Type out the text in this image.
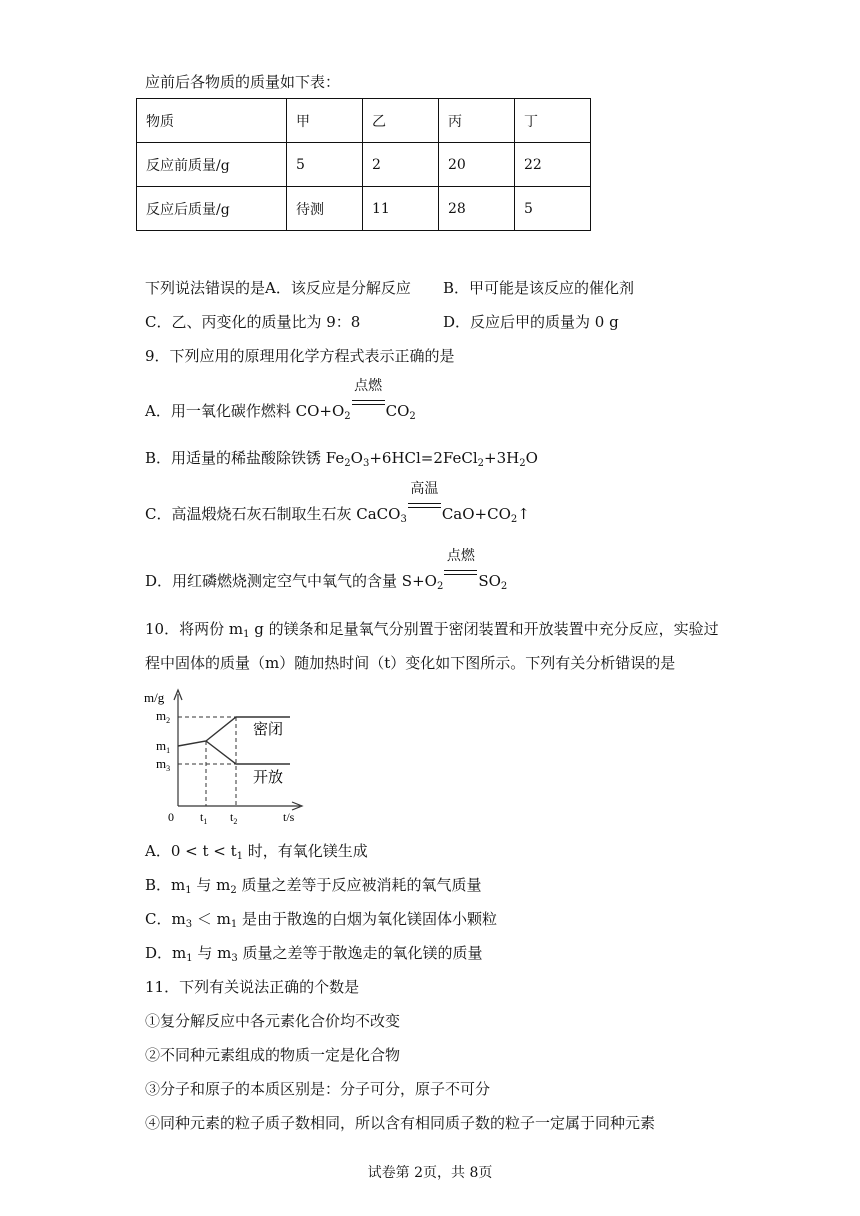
应前后各物质的质量如下表：
物质	甲	乙	丙	丁
反应前质量/g	5	2	20	22
反应后质量/g	待测	11	28	5
下列说法错误的是A．该反应是分解反应 B．甲可能是该反应的催化剂
C．乙、丙变化的质量比为 9：8	D．反应后甲的质量为 0 g
9．下列应用的原理用化学方程式表示正确的是
A．用一氧化碳作燃料 $CO+O_2$
点燃
$CO_2$
B．用适量的稀盐酸除铁锈 $Fe_2O_3+6HCl=2FeCl_2+3H_2O$
C．高温煅烧石灰石制取生石灰 CaCO$_3$
高温
$CaO+CO_2↑$
D．用红磷燃烧测定空气中氧气的含量 $S+O_2$
点燃
$SO_2$
10．将两份 $m_1$ g 的镁条和足量氧气分别置于密闭装置和开放装置中充分反应，实验过
程中固体的质量（m）随加热时间（t）变化如下图所示。下列有关分析错误的是
m/g
$m_2$
$m_1$
$m_3$
密闭
开放
0 $t_1$ $t_2$	t/s
A．$0 < t < t_1$ 时，有氧化镁生成
B．$m_1$ 与 $m_2$ 质量之差等于反应被消耗的氧气质量
C．$m_3 < m_1$ 是由于散逸的白烟为氧化镁固体小颗粒
D．$m_1$ 与 $m_3$ 质量之差等于散逸走的氧化镁的质量
11．下列有关说法正确的个数是
①复分解反应中各元素化合价均不改变
②不同种元素组成的物质一定是化合物
③分子和原子的本质区别是：分子可分，原子不可分
④同种元素的粒子质子数相同，所以含有相同质子数的粒子一定属于同种元素
试卷第 2页，共 8页
